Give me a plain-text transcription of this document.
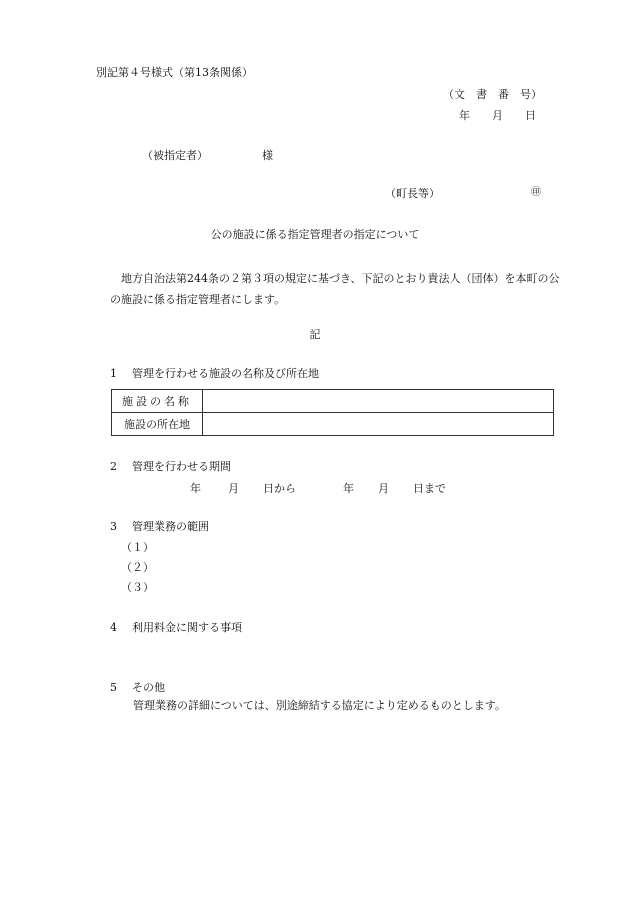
別記第４号様式（第13条関係）
（文　書　番　号）
年　　月　　日
（被指定者）	様
（町長等）	㊞
公の施設に係る指定管理者の指定について
地方自治法第244条の２第３項の規定に基づき、下記のとおり貴法人（団体）を本町の公の施設に係る指定管理者にします。
記
1 管理を行わせる施設の名称及び所在地
施設の名称	
施設の所在地	
2 管理を行わせる期間
年 月 日から	年 月 日まで
3 管理業務の範囲
（１）
（２）
（３）
4 利用料金に関する事項
5 その他
管理業務の詳細については、別途締結する協定により定めるものとします。
